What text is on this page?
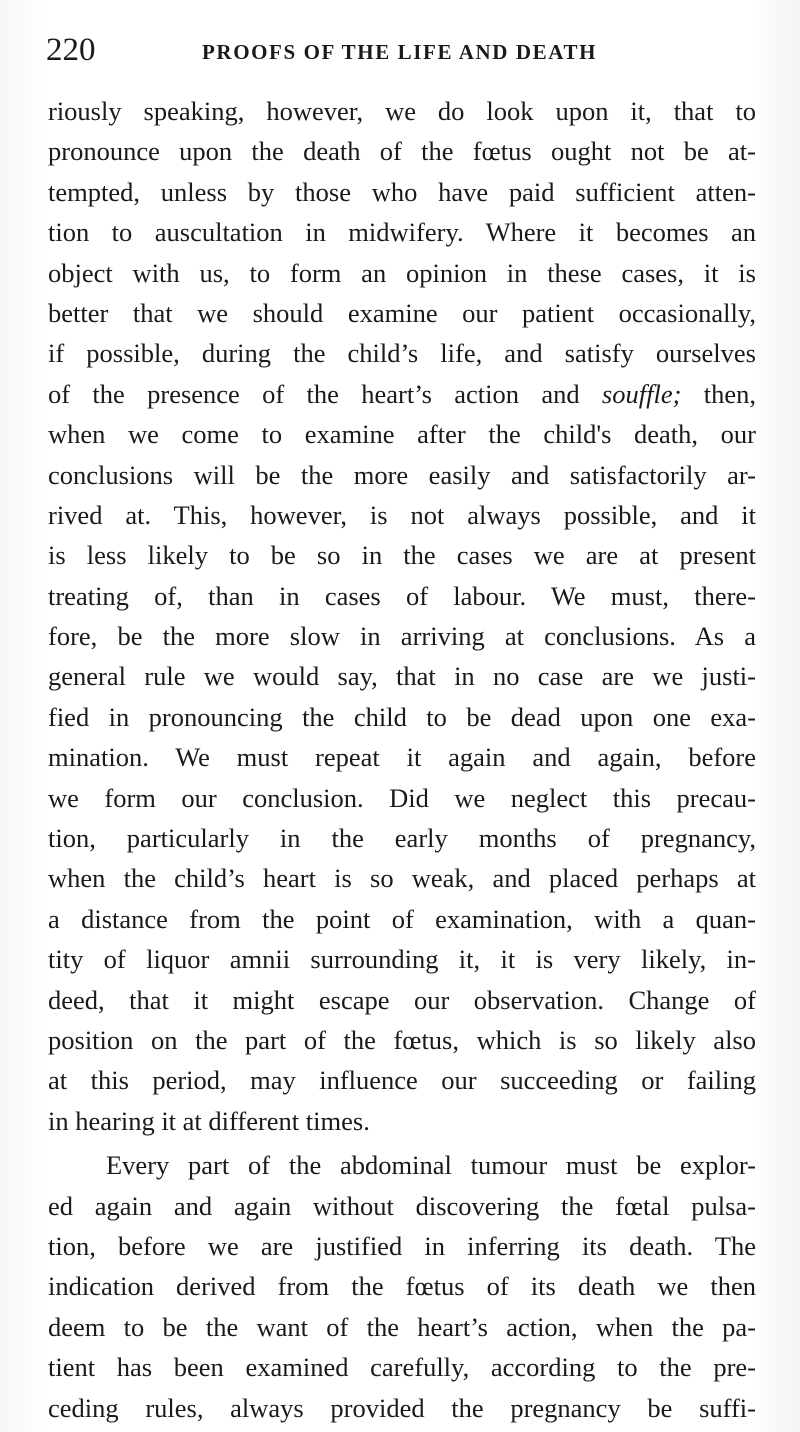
220	PROOFS OF THE LIFE AND DEATH
riously speaking, however, we do look upon it, that to
pronounce upon the death of the fœtus ought not be at-
tempted, unless by those who have paid sufficient atten-
tion to auscultation in midwifery. Where it becomes an
object with us, to form an opinion in these cases, it is
better that we should examine our patient occasionally,
if possible, during the child’s life, and satisfy ourselves
of the presence of the heart’s action and souffle; then,
when we come to examine after the child's death, our
conclusions will be the more easily and satisfactorily ar-
rived at. This, however, is not always possible, and it
is less likely to be so in the cases we are at present
treating of, than in cases of labour. We must, there-
fore, be the more slow in arriving at conclusions. As a
general rule we would say, that in no case are we justi-
fied in pronouncing the child to be dead upon one exa-
mination. We must repeat it again and again, before
we form our conclusion. Did we neglect this precau-
tion, particularly in the early months of pregnancy,
when the child’s heart is so weak, and placed perhaps at
a distance from the point of examination, with a quan-
tity of liquor amnii surrounding it, it is very likely, in-
deed, that it might escape our observation. Change of
position on the part of the fœtus, which is so likely also
at this period, may influence our succeeding or failing
in hearing it at different times.
Every part of the abdominal tumour must be explor-
ed again and again without discovering the fœtal pulsa-
tion, before we are justified in inferring its death. The
indication derived from the fœtus of its death we then
deem to be the want of the heart’s action, when the pa-
tient has been examined carefully, according to the pre-
ceding rules, always provided the pregnancy be suffi-
